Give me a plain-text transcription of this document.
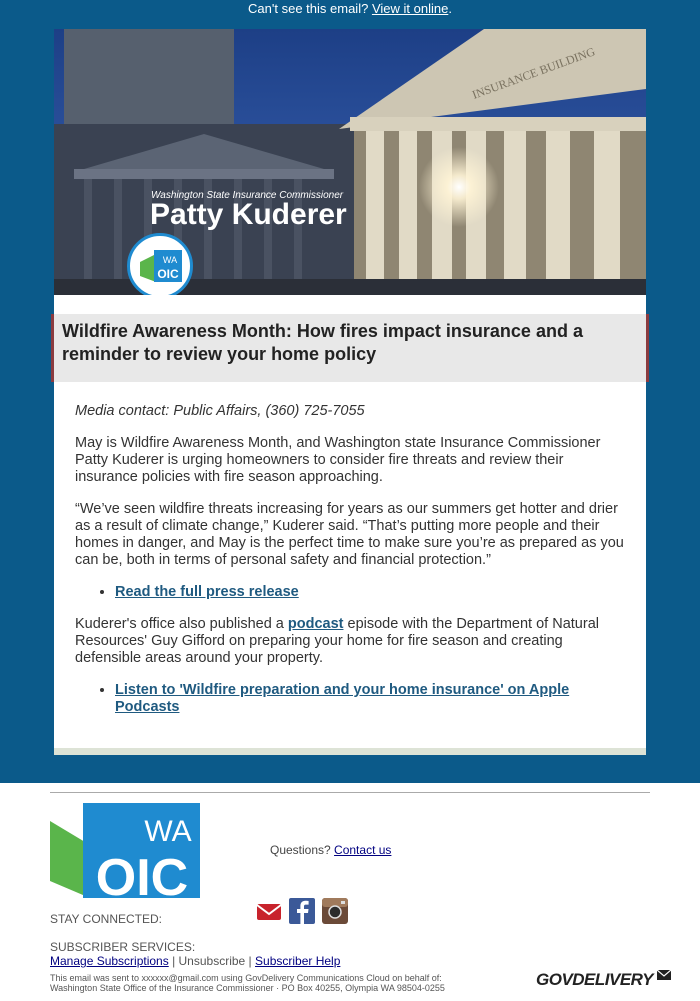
Can't see this email? View it online.
INSURANCE BUILDING
WA
OIC
Washington State Insurance Commissioner
Patty Kuderer
Wildfire Awareness Month: How fires impact insurance and a reminder to review your home policy

Media contact: Public Affairs, (360) 725-7055

May is Wildfire Awareness Month, and Washington state Insurance Commissioner Patty Kuderer is urging homeowners to consider fire threats and review their insurance policies with fire season approaching.

“We’ve seen wildfire threats increasing for years as our summers get hotter and drier as a result of climate change,” Kuderer said. “That’s putting more people and their homes in danger, and May is the perfect time to make sure you’re as prepared as you can be, both in terms of personal safety and financial protection.”

• Read the full press release

Kuderer's office also published a podcast episode with the Department of Natural Resources' Guy Gifford on preparing your home for fire season and creating defensible areas around your property.

• Listen to 'Wildfire preparation and your home insurance' on Apple Podcasts
WA
OIC	Questions? Contact us
STAY CONNECTED:
SUBSCRIBER SERVICES:
Manage Subscriptions | Unsubscribe | Subscriber Help
This email was sent to xxxxxx@gmail.com using GovDelivery Communications Cloud on behalf of:
Washington State Office of the Insurance Commissioner · PO Box 40255, Olympia WA 98504-0255	GOVDELIVERY
